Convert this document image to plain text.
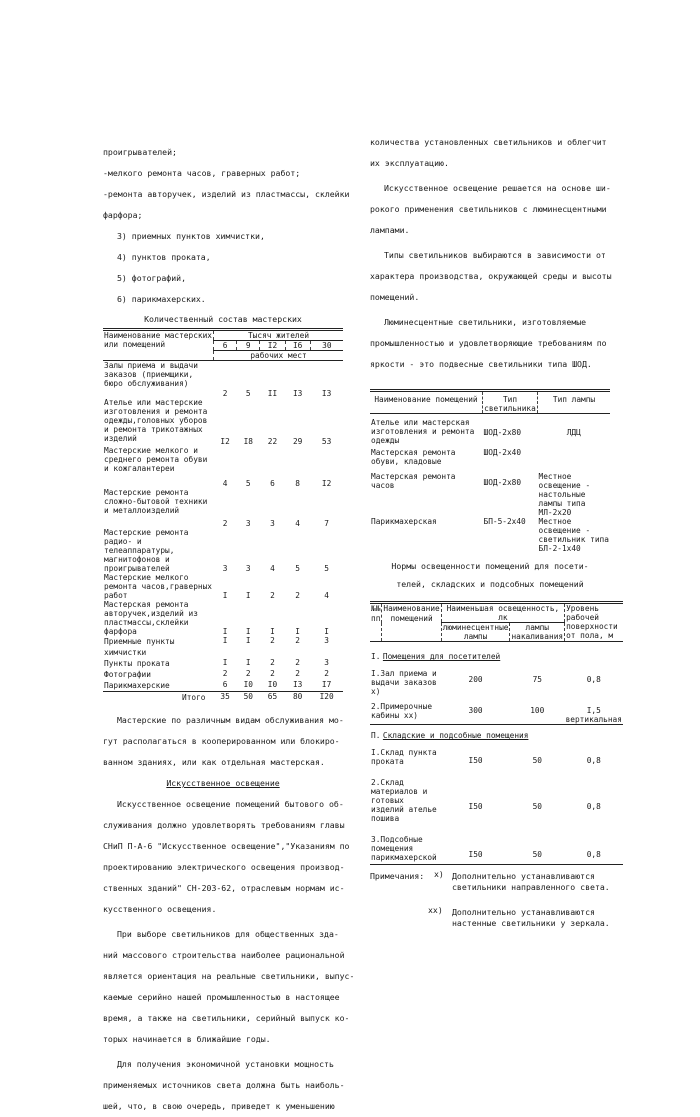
проигрывателей;
-мелкого ремонта часов, граверных работ;
-ремонта авторучек, изделий из пластмассы, склейки
фарфора;
3) приемных пунктов химчистки,
4) пунктов проката,
5) фотографий,
6) парикмахерских.
Количественный состав мастерских
Наименование мастерских или помещений	Тысяч жителей				
	6	9	I2	I6	30
	рабочих мест				
Залы приема и выдачи заказов (приемщики, бюро обслуживания)	2	5	II	I3	I3
Ателье или мастерские изготовления и ремонта одежды,головных уборов и ремонта трикотажных изделий	I2	I8	22	29	53
Мастерские мелкого и среднего ремонта обуви и кожгалантереи	4	5	6	8	I2
Мастерские ремонта сложно-бытовой техники и металлоизделий	2	3	3	4	7
Мастерские ремонта радио- и телеаппаратуры, магнитофонов и проигрывателей	3	3	4	5	5
Мастерские мелкого ремонта часов,граверных работ	I	I	2	2	4
Мастерская ремонта авторучек,изделий из пластмассы,склейки фарфора	I	I	I	I	I
Приемные пункты химчистки	I	I	2	2	3
Пункты проката	I	I	2	2	3
Фотографии	2	2	2	2	2
Парикмахерские	6	I0	I0	I3	I7
Итого	35	50	65	80	I20
Мастерские по различным видам обслуживания мо-
гут располагаться в кооперированном или блокиро-
ванном зданиях, или как отдельная мастерская.
Искусственное освещение
Искусственное освещение помещений бытового об-
служивания должно удовлетворять требованиям главы
СНиП П-А-6 "Искусственное освещение","Указаниям по
проектированию электрического освещения производ-
ственных зданий" СН-203-62, отраслевым нормам ис-
кусственного освещения.
При выборе светильников для общественных зда-
ний массового строительства наиболее рациональной
является ориентация на реальные светильники, выпус-
каемые серийно нашей промышленностью в настоящее
время, а также на светильники, серийный выпуск ко-
торых начинается в ближайшие годы.
Для получения экономичной установки мощность
применяемых источников света должна быть наиболь-
шей, что, в свою очередь, приведет к уменьшению
количества установленных светильников и облегчит
их эксплуатацию.
Искусственное освещение решается на основе ши-
рокого применения светильников с люминесцентными
лампами.
Типы светильников выбираются в зависимости от
характера производства, окружающей среды и высоты
помещений.
Люминесцентные светильники, изготовляемые
промышленностью и удовлетворяющие требованиям по
яркости - это подвесные светильники типа ШОД.
Наименование помещений	Тип светильника	Тип лампы
Ателье или мастерская изготовления и ремонта одежды	ШОД-2х80	ЛДЦ
Мастерская ремонта обуви, кладовые	ШОД-2х40	
Мастерская ремонта часов	ШОД-2х80	Местное освещение - настольные лампы типа МЛ-2х20
Парикмахерская	БП-5-2х40	Местное освещение - светильник типа БЛ-2-1х40
Нормы освещенности помещений для посети-
телей, складских и подсобных помещений
№№ пп	Наименование помещений	Наименьшая освещенность, лк		Уровень рабочей поверхности от пола, м
		люминесцентные лампы	лампы накаливания	
I.	Помещения для посетителей			
I.Зал приема и выдачи заказов x)		200	75	0,8
2.Примерочные кабины xx)		300	100	I,5 вертикальная
П.	Складские и подсобные помещения			
I.Склад пункта проката		I50	50	0,8
2.Склад материалов и готовых изделий ателье пошива		I50	50	0,8
3.Подсобные помещения парикмахерской		I50	50	0,8
Примечания: x) Дополнительно устанавливаются светильники направленного света.
xx) Дополнительно устанавливаются настенные светильники у зеркала.
